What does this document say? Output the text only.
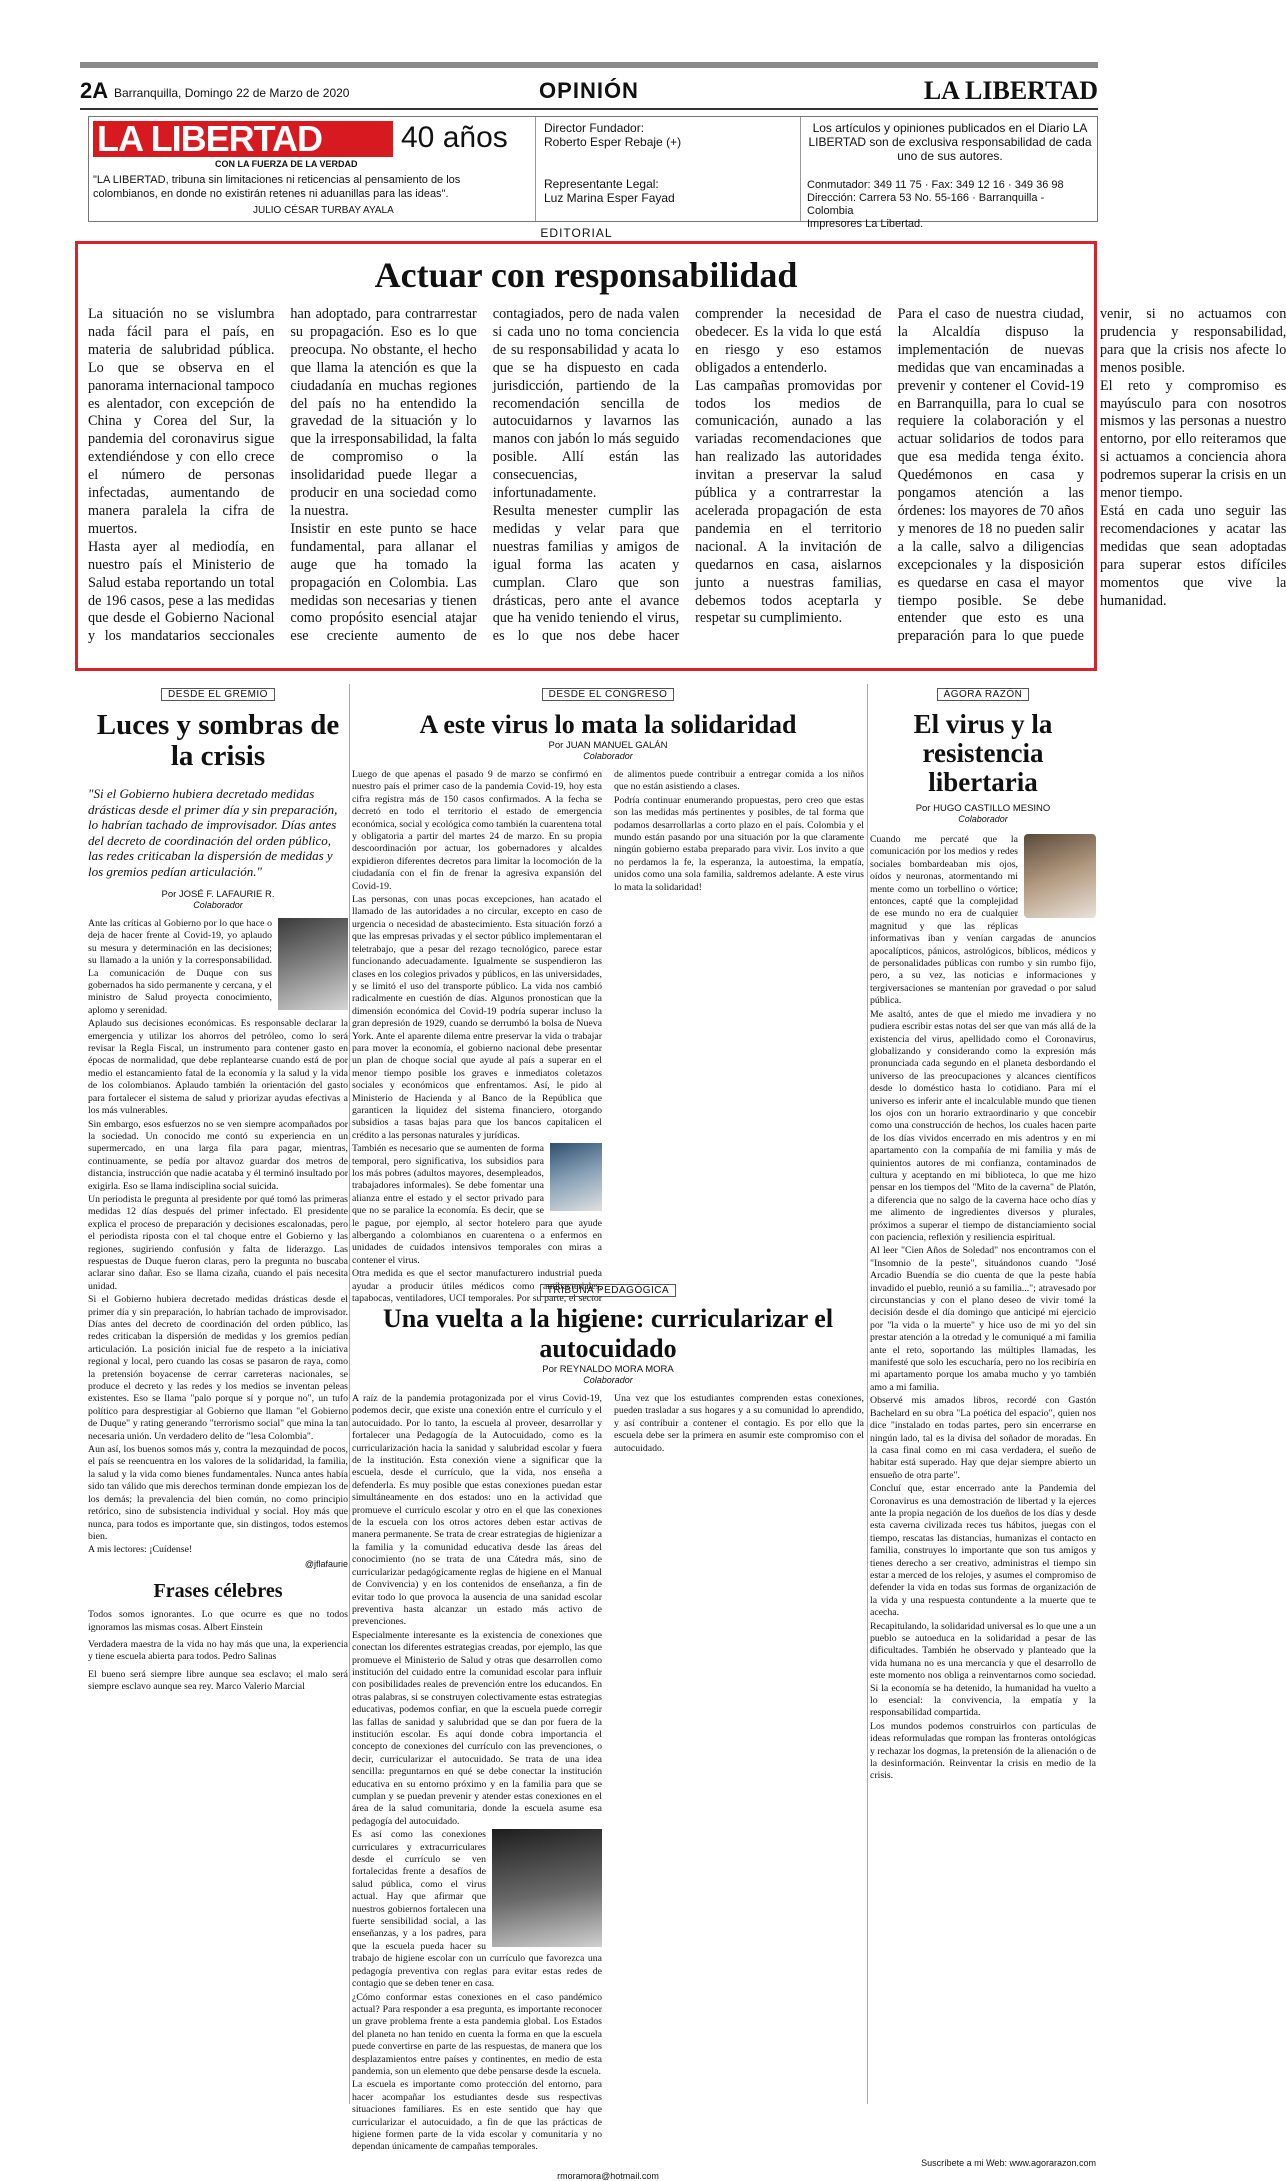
2A Barranquilla, Domingo 22 de Marzo de 2020	OPINIÓN	LA LIBERTAD
LA LIBERTAD
CON LA FUERZA DE LA VERDAD
40 años
"LA LIBERTAD, tribuna sin limitaciones ni reticencias al pensamiento de los colombianos, en donde no existirán retenes ni aduanillas para las ideas".
JULIO CÉSAR TURBAY AYALA
Director Fundador:
Roberto Esper Rebaje (+)
Representante Legal:
Luz Marina Esper Fayad
Los artículos y opiniones publicados en el Diario LA LIBERTAD son de exclusiva responsabilidad de cada uno de sus autores.
Conmutador: 349 11 75 · Fax: 349 12 16 · 349 36 98
Dirección: Carrera 53 No. 55-166 · Barranquilla - Colombia
Impresores La Libertad.
EDITORIAL
Actuar con responsabilidad

La situación no se vislumbra nada fácil para el país, en materia de salubridad pública. Lo que se observa en el panorama internacional tampoco es alentador, con excepción de China y Corea del Sur, la pandemia del coronavirus sigue extendiéndose y con ello crece el número de personas infectadas, aumentando de manera paralela la cifra de muertos.

Hasta ayer al mediodía, en nuestro país el Ministerio de Salud estaba reportando un total de 196 casos, pese a las medidas que desde el Gobierno Nacional y los mandatarios seccionales han adoptado, para contrarrestar su propagación. Eso es lo que preocupa. No obstante, el hecho que llama la atención es que la ciudadanía en muchas regiones del país no ha entendido la gravedad de la situación y lo que la irresponsabilidad, la falta de compromiso o la insolidaridad puede llegar a producir en una sociedad como la nuestra.

Insistir en este punto se hace fundamental, para allanar el auge que ha tomado la propagación en Colombia. Las medidas son necesarias y tienen como propósito esencial atajar ese creciente aumento de contagiados, pero de nada valen si cada uno no toma conciencia de su responsabilidad y acata lo que se ha dispuesto en cada jurisdicción, partiendo de la recomendación sencilla de autocuidarnos y lavarnos las manos con jabón lo más seguido posible. Allí están las consecuencias, infortunadamente.

Resulta menester cumplir las medidas y velar para que nuestras familias y amigos de igual forma las acaten y cumplan. Claro que son drásticas, pero ante el avance que ha venido teniendo el virus, es lo que nos debe hacer comprender la necesidad de obedecer. Es la vida lo que está en riesgo y eso estamos obligados a entenderlo.

Las campañas promovidas por todos los medios de comunicación, aunado a las variadas recomendaciones que han realizado las autoridades invitan a preservar la salud pública y a contrarrestar la acelerada propagación de esta pandemia en el territorio nacional. A la invitación de quedarnos en casa, aislarnos junto a nuestras familias, debemos todos aceptarla y respetar su cumplimiento.

Para el caso de nuestra ciudad, la Alcaldía dispuso la implementación de nuevas medidas que van encaminadas a prevenir y contener el Covid-19 en Barranquilla, para lo cual se requiere la colaboración y el actuar solidarios de todos para que esa medida tenga éxito. Quedémonos en casa y pongamos atención a las órdenes: los mayores de 70 años y menores de 18 no pueden salir a la calle, salvo a diligencias excepcionales y la disposición es quedarse en casa el mayor tiempo posible. Se debe entender que esto es una preparación para lo que puede venir, si no actuamos con prudencia y responsabilidad, para que la crisis nos afecte lo menos posible.

El reto y compromiso es mayúsculo para con nosotros mismos y las personas a nuestro entorno, por ello reiteramos que si actuamos a conciencia ahora podremos superar la crisis en un menor tiempo.

Está en cada uno seguir las recomendaciones y acatar las medidas que sean adoptadas para superar estos difíciles momentos que vive la humanidad.

DESDE EL GREMIO
Luces y sombras de la crisis
"Si el Gobierno hubiera decretado medidas drásticas desde el primer día y sin preparación, lo habrían tachado de improvisador. Días antes del decreto de coordinación del orden público, las redes criticaban la dispersión de medidas y los gremios pedían articulación."
Por JOSÉ F. LAFAURIE R.
Colaborador

Ante las críticas al Gobierno por lo que hace o deja de hacer frente al Covid-19, yo aplaudo su mesura y determinación en las decisiones; su llamado a la unión y la corresponsabilidad. La comunicación de Duque con sus gobernados ha sido permanente y cercana, y el ministro de Salud proyecta conocimiento, aplomo y serenidad.

Aplaudo sus decisiones económicas. Es responsable declarar la emergencia y utilizar los ahorros del petróleo, como lo será revisar la Regla Fiscal, un instrumento para contener gasto en épocas de normalidad, que debe replantearse cuando está de por medio el estancamiento fatal de la economía y la salud y la vida de los colombianos. Aplaudo también la orientación del gasto para fortalecer el sistema de salud y priorizar ayudas efectivas a los más vulnerables.

Sin embargo, esos esfuerzos no se ven siempre acompañados por la sociedad. Un conocido me contó su experiencia en un supermercado, en una larga fila para pagar, mientras, continuamente, se pedía por altavoz guardar dos metros de distancia, instrucción que nadie acataba y él terminó insultado por exigirla. Eso se llama indisciplina social suicida.

Un periodista le pregunta al presidente por qué tomó las primeras medidas 12 días después del primer infectado. El presidente explica el proceso de preparación y decisiones escalonadas, pero el periodista riposta con el tal choque entre el Gobierno y las regiones, sugiriendo confusión y falta de liderazgo. Las respuestas de Duque fueron claras, pero la pregunta no buscaba aclarar sino dañar. Eso se llama cizaña, cuando el país necesita unidad.

Si el Gobierno hubiera decretado medidas drásticas desde el primer día y sin preparación, lo habrían tachado de improvisador. Días antes del decreto de coordinación del orden público, las redes criticaban la dispersión de medidas y los gremios pedían articulación. La posición inicial fue de respeto a la iniciativa regional y local, pero cuando las cosas se pasaron de raya, como la pretensión boyacense de cerrar carreteras nacionales, se produce el decreto y las redes y los medios se inventan peleas existentes. Eso se llama "palo porque sí y porque no", un tufo político para desprestigiar al Gobierno que llaman "el Gobierno de Duque" y rating generando "terrorismo social" que mina la tan necesaria unión. Un verdadero delito de "lesa Colombia".

Aun así, los buenos somos más y, contra la mezquindad de pocos, el país se reencuentra en los valores de la solidaridad, la familia, la salud y la vida como bienes fundamentales. Nunca antes había sido tan válido que mis derechos terminan donde empiezan los de los demás; la prevalencia del bien común, no como principio retórico, sino de subsistencia individual y social. Hoy más que nunca, para todos es importante que, sin distingos, todos estemos bien.

A mis lectores: ¡Cuídense!

@jflafaurie

Frases célebres

Todos somos ignorantes. Lo que ocurre es que no todos ignoramos las mismas cosas. Albert Einstein

Verdadera maestra de la vida no hay más que una, la experiencia y tiene escuela abierta para todos. Pedro Salinas

El bueno será siempre libre aunque sea esclavo; el malo será siempre esclavo aunque sea rey. Marco Valerio Marcial

DESDE EL CONGRESO
A este virus lo mata la solidaridad
Por JUAN MANUEL GALÁN
Colaborador

Luego de que apenas el pasado 9 de marzo se confirmó en nuestro país el primer caso de la pandemia Covid-19, hoy esta cifra registra más de 150 casos confirmados. A la fecha se decretó en todo el territorio el estado de emergencia económica, social y ecológica como también la cuarentena total y obligatoria a partir del martes 24 de marzo. En su propia descoordinación por actuar, los gobernadores y alcaldes expidieron diferentes decretos para limitar la locomoción de la ciudadanía con el fin de frenar la agresiva expansión del Covid-19.

Las personas, con unas pocas excepciones, han acatado el llamado de las autoridades a no circular, excepto en caso de urgencia o necesidad de abastecimiento. Esta situación forzó a que las empresas privadas y el sector público implementaran el teletrabajo, que a pesar del rezago tecnológico, parece estar funcionando adecuadamente. Igualmente se suspendieron las clases en los colegios privados y públicos, en las universidades, y se limitó el uso del transporte público. La vida nos cambió radicalmente en cuestión de días. Algunos pronostican que la dimensión económica del Covid-19 podría superar incluso la gran depresión de 1929, cuando se derrumbó la bolsa de Nueva York. Ante el aparente dilema entre preservar la vida o trabajar para mover la economía, el gobierno nacional debe presentar un plan de choque social que ayude al país a superar en el menor tiempo posible los graves e inmediatos coletazos sociales y económicos que enfrentamos. Así, le pido al Ministerio de Hacienda y al Banco de la República que garanticen la liquidez del sistema financiero, otorgando subsidios a tasas bajas para que los bancos capitalicen el crédito a las personas naturales y jurídicas.

También es necesario que se aumenten de forma temporal, pero significativa, los subsidios para los más pobres (adultos mayores, desempleados, trabajadores informales). Se debe fomentar una alianza entre el estado y el sector privado para que no se paralice la economía. Es decir, que se le pague, por ejemplo, al sector hotelero para que ayude albergando a colombianos en cuarentena o a enfermos en unidades de cuidados intensivos temporales con miras a contener el virus.

Otra medida es que el sector manufacturero industrial pueda ayudar a producir útiles médicos como antibacteriales, tapabocas, ventiladores, UCI temporales. Por su parte, el sector de alimentos puede contribuir a entregar comida a los niños que no están asistiendo a clases.

Podría continuar enumerando propuestas, pero creo que estas son las medidas más pertinentes y posibles, de tal forma que podamos desarrollarlas a corto plazo en el país. Colombia y el mundo están pasando por una situación por la que claramente ningún gobierno estaba preparado para vivir. Los invito a que no perdamos la fe, la esperanza, la autoestima, la empatía, unidos como una sola familia, saldremos adelante. A este virus lo mata la solidaridad!

TRIBUNA PEDAGÓGICA
Una vuelta a la higiene: curricularizar el autocuidado
Por REYNALDO MORA MORA
Colaborador

A raíz de la pandemia protagonizada por el virus Covid-19, podemos decir, que existe una conexión entre el currículo y el autocuidado. Por lo tanto, la escuela al proveer, desarrollar y fortalecer una Pedagogía de la Autocuidado, como es la curricularización hacia la sanidad y salubridad escolar y fuera de la institución. Esta conexión viene a significar que la escuela, desde el currículo, que la vida, nos enseña a defenderla. Es muy posible que estas conexiones puedan estar simultáneamente en dos estados: uno en la actividad que promueve el currículo escolar y otro en el que las conexiones de la escuela con los otros actores deben estar activas de manera permanente. Se trata de crear estrategias de higienizar a la familia y la comunidad educativa desde las áreas del conocimiento (no se trata de una Cátedra más, sino de curricularizar pedagógicamente reglas de higiene en el Manual de Convivencia) y en los contenidos de enseñanza, a fin de evitar todo lo que provoca la ausencia de una sanidad escolar preventiva hasta alcanzar un estado más activo de prevenciones.

Especialmente interesante es la existencia de conexiones que conectan los diferentes estrategias creadas, por ejemplo, las que promueve el Ministerio de Salud y otras que desarrollen como institución del cuidado entre la comunidad escolar para influir con posibilidades reales de prevención entre los educandos. En otras palabras, si se construyen colectivamente estas estrategias educativas, podemos confiar, en que la escuela puede corregir las fallas de sanidad y salubridad que se dan por fuera de la institución escolar. Es aquí donde cobra importancia el concepto de conexiones del currículo con las prevenciones, o decir, curricularizar el autocuidado. Se trata de una idea sencilla: preguntarnos en qué se debe conectar la institución educativa en su entorno próximo y en la familia para que se cumplan y se puedan prevenir y atender estas conexiones en el área de la salud comunitaria, donde la escuela asume esa pedagogía del autocuidado.

Es así como las conexiones curriculares y extracurriculares desde el currículo se ven fortalecidas frente a desafíos de salud pública, como el virus actual. Hay que afirmar que nuestros gobiernos fortalecen una fuerte sensibilidad social, a las enseñanzas, y a los padres, para que la escuela pueda hacer su trabajo de higiene escolar con un currículo que favorezca una pedagogía preventiva con reglas para evitar estas redes de contagio que se deben tener en casa.

¿Cómo conformar estas conexiones en el caso pandémico actual? Para responder a esa pregunta, es importante reconocer un grave problema frente a esta pandemia global. Los Estados del planeta no han tenido en cuenta la forma en que la escuela puede convertirse en parte de las respuestas, de manera que los desplazamientos entre países y continentes, en medio de esta pandemia, son un elemento que debe pensarse desde la escuela.

La escuela es importante como protección del entorno, para hacer acompañar los estudiantes desde sus respectivas situaciones familiares. Es en este sentido que hay que curricularizar el autocuidado, a fin de que las prácticas de higiene formen parte de la vida escolar y comunitaria y no dependan únicamente de campañas temporales.

Una vez que los estudiantes comprenden estas conexiones, pueden trasladar a sus hogares y a su comunidad lo aprendido, y así contribuir a contener el contagio. Es por ello que la escuela debe ser la primera en asumir este compromiso con el autocuidado.

rmoramora@hotmail.com
ÁGORA RAZÓN
El virus y la resistencia libertaria
Por HUGO CASTILLO MESINO
Colaborador

Cuando me percaté que la comunicación por los medios y redes sociales bombardeaban mis ojos, oídos y neuronas, atormentando mi mente como un torbellino o vórtice; entonces, capté que la complejidad de ese mundo no era de cualquier magnitud y que las réplicas informativas iban y venían cargadas de anuncios apocalípticos, pánicos, astrológicos, bíblicos, médicos y de personalidades públicas con rumbo y sin rumbo fijo, pero, a su vez, las noticias e informaciones y tergiversaciones se mantenían por gravedad o por salud pública.

Me asaltó, antes de que el miedo me invadiera y no pudiera escribir estas notas del ser que van más allá de la existencia del virus, apellidado como el Coronavirus, globalizando y considerando como la expresión más pronunciada cada segundo en el planeta desbordando el universo de las preocupaciones y alcances científicos desde lo doméstico hasta lo cotidiano. Para mí el universo es inferir ante el incalculable mundo que tienen los ojos con un horario extraordinario y que concebir como una construcción de hechos, los cuales hacen parte de los días vividos encerrado en mis adentros y en mi apartamento con la compañía de mi familia y más de quinientos autores de mi confianza, contaminados de cultura y aceptando en mi biblioteca, lo que me hizo pensar en los tiempos del "Mito de la caverna" de Platón, a diferencia que no salgo de la caverna hace ocho días y me alimento de ingredientes diversos y plurales, próximos a superar el tiempo de distanciamiento social con paciencia, reflexión y resiliencia espiritual.

Al leer "Cien Años de Soledad" nos encontramos con el "Insomnio de la peste", situándonos cuando "José Arcadio Buendía se dio cuenta de que la peste había invadido el pueblo, reunió a su familia..."; atravesado por circunstancias y con el plano deseo de vivir tomé la decisión desde el día domingo que anticipé mi ejercicio por "la vida o la muerte" y hice uso de mi yo del sin prestar atención a la otredad y le comuniqué a mi familia ante el reto, soportando las múltiples llamadas, les manifesté que solo les escucharía, pero no los recibiría en mi apartamento porque los amaba mucho y yo también amo a mi familia.

Observé mis amados libros, recordé con Gastón Bachelard en su obra "La poética del espacio", quien nos dice "instalado en todas partes, pero sin encerrarse en ningún lado, tal es la divisa del soñador de moradas. En la casa final como en mi casa verdadera, el sueño de habitar está superado. Hay que dejar siempre abierto un ensueño de otra parte".

Concluí que, estar encerrado ante la Pandemia del Coronavirus es una demostración de libertad y la ejerces ante la propia negación de los dueños de los días y desde esta caverna civilizada reces tus hábitos, juegas con el tiempo, rescatas las distancias, humanizas el contacto en familia, construyes lo importante que son tus amigos y tienes derecho a ser creativo, administras el tiempo sin estar a merced de los relojes, y asumes el compromiso de defender la vida en todas sus formas de organización de la vida y una respuesta contundente a la muerte que te acecha.

Recapitulando, la solidaridad universal es lo que une a un pueblo se autoeduca en la solidaridad a pesar de las dificultades. También he observado y planteado que la vida humana no es una mercancía y que el desarrollo de este momento nos obliga a reinventarnos como sociedad. Si la economía se ha detenido, la humanidad ha vuelto a lo esencial: la convivencia, la empatía y la responsabilidad compartida.

Los mundos podemos construirlos con partículas de ideas reformuladas que rompan las fronteras ontológicas y rechazar los dogmas, la pretensión de la alienación o de la desinformación. Reinventar la crisis en medio de la crisis.

Suscríbete a mi Web: www.agorarazon.com
